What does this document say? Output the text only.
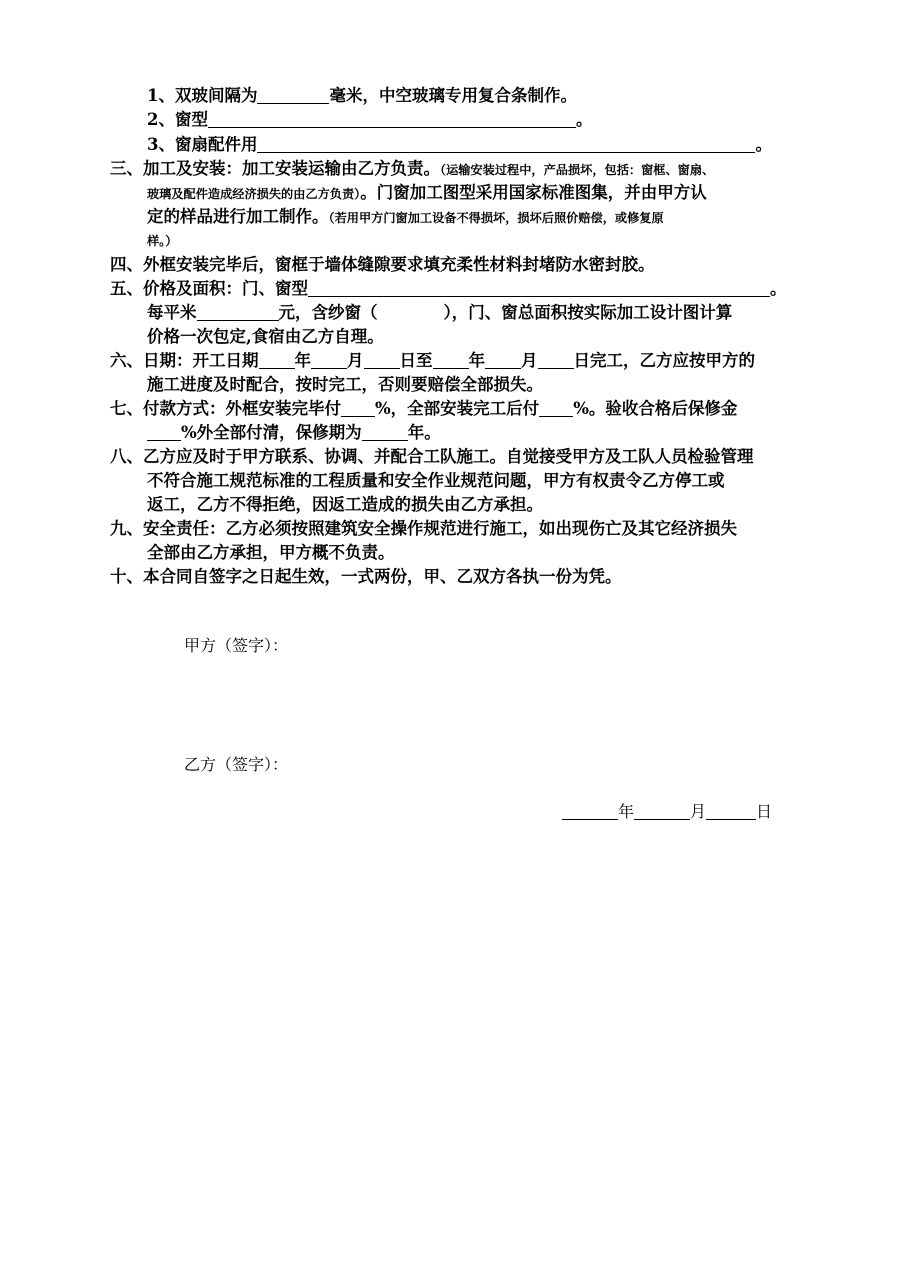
1、双玻间隔为	毫米，中空玻璃专用复合条制作。
2、窗型	。
3、窗扇配件用	。
三、加工及安装：加工安装运输由乙方负责。（运输安装过程中，产品损坏，包括：窗框、窗扇、
玻璃及配件造成经济损失的由乙方负责）。门窗加工图型采用国家标准图集，并由甲方认
定的样品进行加工制作。（若用甲方门窗加工设备不得损坏，损坏后照价赔偿，或修复原
样。）
四、外框安装完毕后，窗框于墙体缝隙要求填充柔性材料封堵防水密封胶。
五、价格及面积：门、窗型	。
每平米	元，含纱窗（	），门、窗总面积按实际加工设计图计算
价格一次包定,食宿由乙方自理。
六、日期：开工日期 年 月 日至 年 月 日完工，乙方应按甲方的
施工进度及时配合，按时完工，否则要赔偿全部损失。
七、付款方式：外框安装完毕付 %，全部安装完工后付 %。验收合格后保修金
%外全部付清，保修期为	年。
八、乙方应及时于甲方联系、协调、并配合工队施工。自觉接受甲方及工队人员检验管理
不符合施工规范标准的工程质量和安全作业规范问题，甲方有权责令乙方停工或
返工，乙方不得拒绝，因返工造成的损失由乙方承担。
九、安全责任：乙方必须按照建筑安全操作规范进行施工，如出现伤亡及其它经济损失
全部由乙方承担，甲方概不负责。
十、本合同自签字之日起生效，一式两份，甲、乙双方各执一份为凭。
甲方（签字）：
乙方（签字）：
年	月	日
